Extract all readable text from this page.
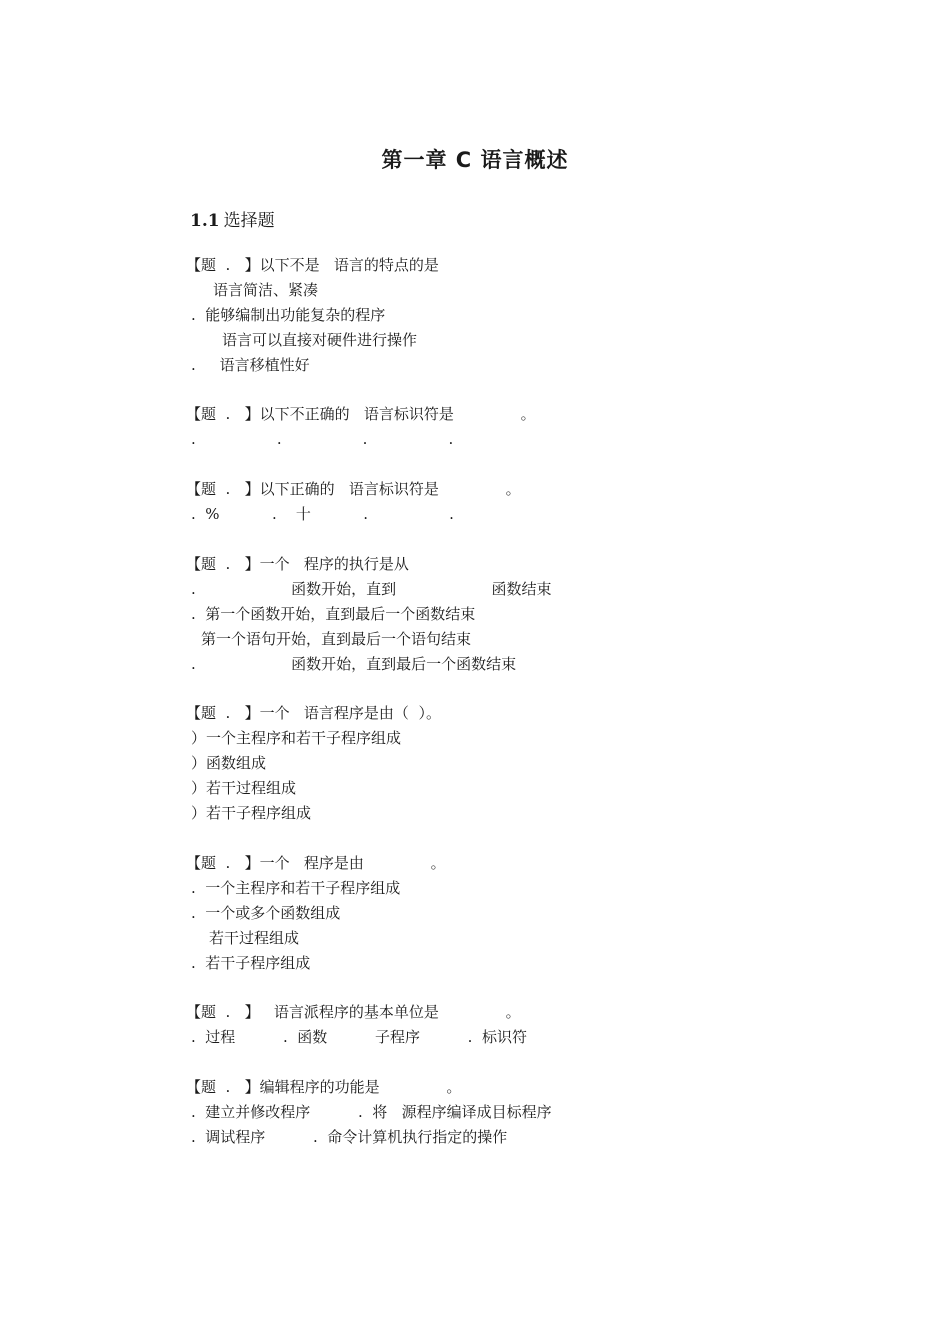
第一章 C 语言概述
1.1 选择题
【题  .   】以下不是   语言的特点的是
语言简洁、紧凑
.  能够编制出功能复杂的程序
语言可以直接对硬件进行操作
.     语言移植性好
【题  .   】以下不正确的   语言标识符是              。
.                 .                 .                 .
【题  .   】以下正确的   语言标识符是              。
.  %           .    十           .                 .
【题  .   】一个   程序的执行是从
.                    函数开始，直到                    函数结束
.  第一个函数开始，直到最后一个函数结束
第一个语句开始，直到最后一个语句结束
.                    函数开始，直到最后一个函数结束
【题  .   】一个   语言程序是由（  ）。
）一个主程序和若干子程序组成
）函数组成
）若干过程组成
）若干子程序组成
【题  .   】一个   程序是由              。
.  一个主程序和若干子程序组成
.  一个或多个函数组成
若干过程组成
.  若干子程序组成
【题  .   】   语言派程序的基本单位是              。
.  过程          .  函数          子程序          .  标识符
【题  .   】编辑程序的功能是              。
.  建立并修改程序          .  将   源程序编译成目标程序
.  调试程序          .  命令计算机执行指定的操作
